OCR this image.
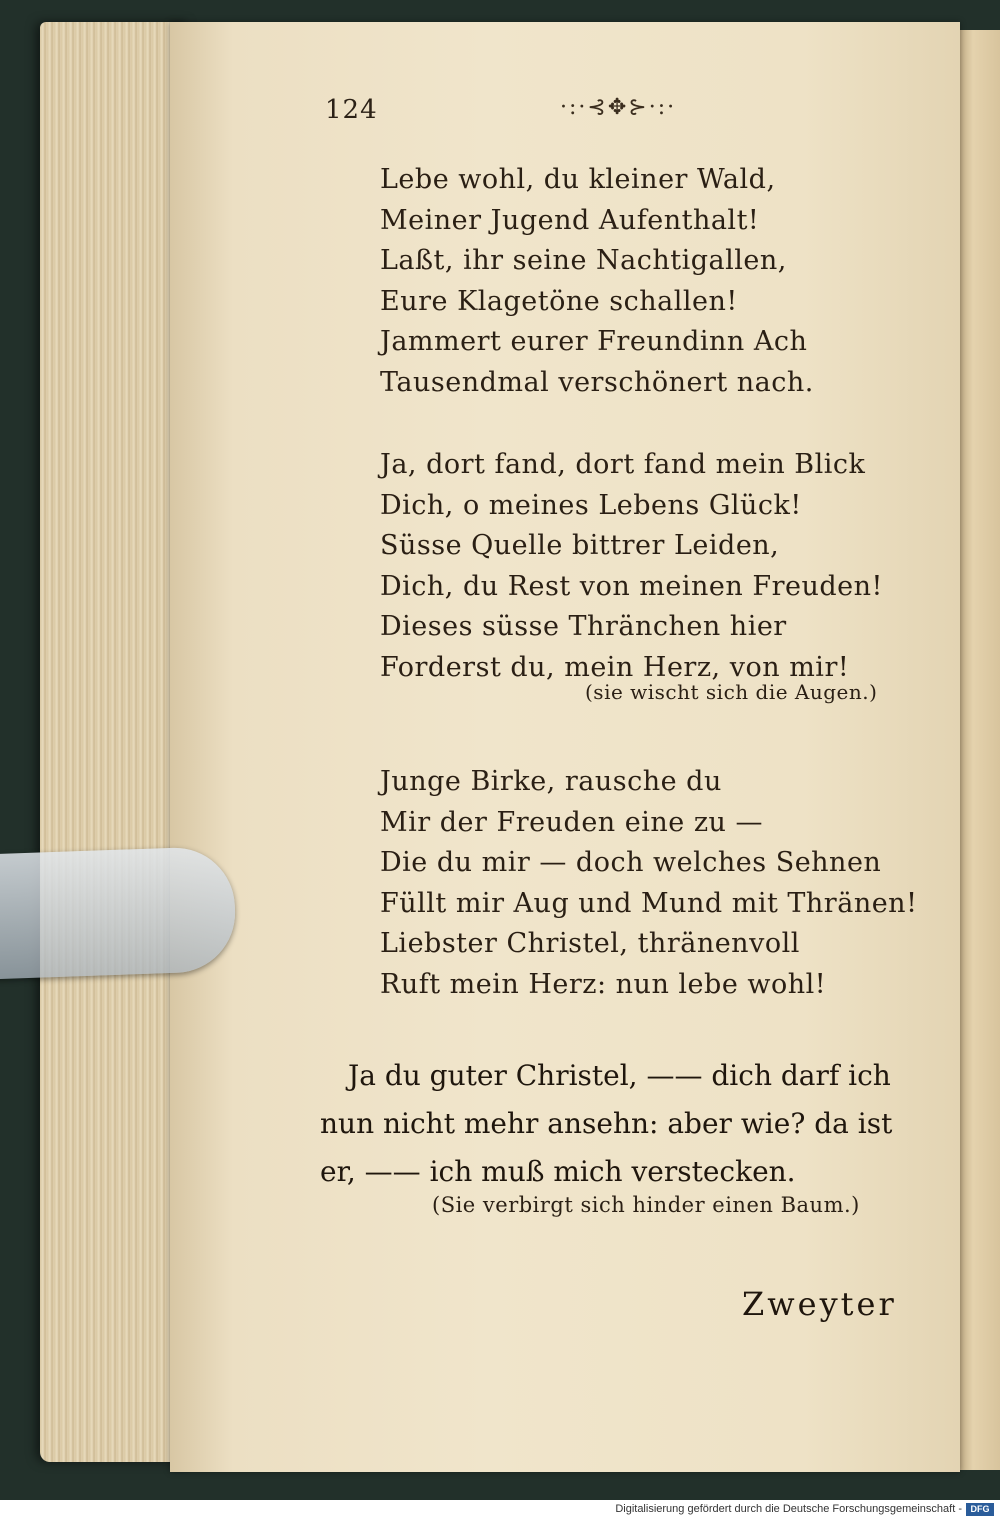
124	·:·⊰✥⊱·:·
Lebe wohl, du kleiner Wald,
Meiner Jugend Aufenthalt!
Laßt, ihr seine Nachtigallen,
Eure Klagetöne schallen!
Jammert eurer Freundinn Ach
Tausendmal verschönert nach.
Ja, dort fand, dort fand mein Blick
Dich, o meines Lebens Glück!
Süsse Quelle bittrer Leiden,
Dich, du Rest von meinen Freuden!
Dieses süsse Thränchen hier
Forderst du, mein Herz, von mir!
(sie wischt sich die Augen.)
Junge Birke, rausche du
Mir der Freuden eine zu —
Die du mir — doch welches Sehnen
Füllt mir Aug und Mund mit Thränen!
Liebster Christel, thränenvoll
Ruft mein Herz: nun lebe wohl!
Ja du guter Christel, —— dich darf ich
nun nicht mehr ansehn: aber wie? da ist
er, —— ich muß mich verstecken.
(Sie verbirgt sich hinder einen Baum.)
Zweyter
Digitalisierung gefördert durch die Deutsche Forschungsgemeinschaft - DFG
